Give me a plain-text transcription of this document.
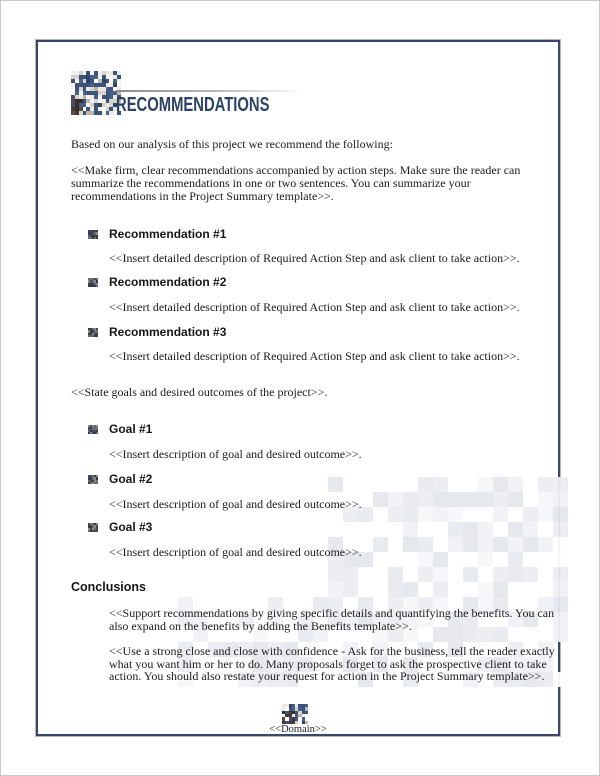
RECOMMENDATIONS

Based on our analysis of this project we recommend the following:

<<Make firm, clear recommendations accompanied by action steps. Make sure the reader can summarize the recommendations in one or two sentences. You can summarize your recommendations in the Project Summary template>>.

Recommendation #1

<<Insert detailed description of Required Action Step and ask client to take action>>.

Recommendation #2

<<Insert detailed description of Required Action Step and ask client to take action>>.

Recommendation #3

<<Insert detailed description of Required Action Step and ask client to take action>>.

<<State goals and desired outcomes of the project>>.

Goal #1

<<Insert description of goal and desired outcome>>.

Goal #2

<<Insert description of goal and desired outcome>>.

Goal #3

<<Insert description of goal and desired outcome>>.

Conclusions

<<Support recommendations by giving specific details and quantifying the benefits. You can also expand on the benefits by adding the Benefits template>>.

<<Use a strong close and close with confidence - Ask for the business, tell the reader exactly what you want him or her to do. Many proposals forget to ask the prospective client to take action. You should also restate your request for action in the Project Summary template>>.

<<Domain>>
